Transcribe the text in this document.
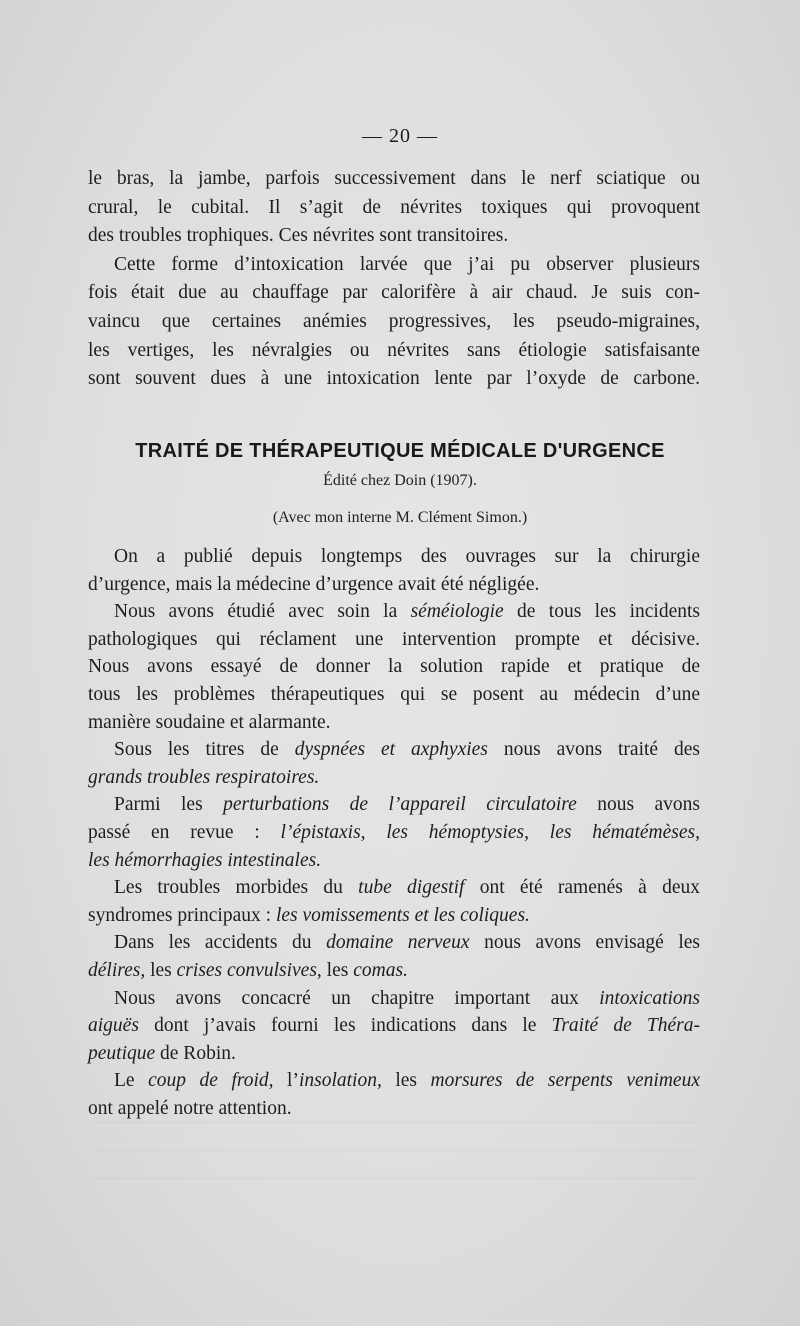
— 20 —
le bras, la jambe, parfois successivement dans le nerf sciatique ou
crural, le cubital. Il s’agit de névrites toxiques qui provoquent
des troubles trophiques. Ces névrites sont transitoires.
Cette forme d’intoxication larvée que j’ai pu observer plusieurs
fois était due au chauffage par calorifère à air chaud. Je suis con-
vaincu que certaines anémies progressives, les pseudo-migraines,
les vertiges, les névralgies ou névrites sans étiologie satisfaisante
sont souvent dues à une intoxication lente par l’oxyde de carbone.
TRAITÉ DE THÉRAPEUTIQUE MÉDICALE D'URGENCE
Édité chez Doin (1907).
(Avec mon interne M. Clément Simon.)
On a publié depuis longtemps des ouvrages sur la chirurgie
d’urgence, mais la médecine d’urgence avait été négligée.
Nous avons étudié avec soin la séméiologie de tous les incidents
pathologiques qui réclament une intervention prompte et décisive.
Nous avons essayé de donner la solution rapide et pratique de
tous les problèmes thérapeutiques qui se posent au médecin d’une
manière soudaine et alarmante.
Sous les titres de dyspnées et axphyxies nous avons traité des
grands troubles respiratoires.
Parmi les perturbations de l’appareil circulatoire nous avons
passé en revue : l’épistaxis, les hémoptysies, les hématémèses,
les hémorrhagies intestinales.
Les troubles morbides du tube digestif ont été ramenés à deux
syndromes principaux : les vomissements et les coliques.
Dans les accidents du domaine nerveux nous avons envisagé les
délires, les crises convulsives, les comas.
Nous avons concacré un chapitre important aux intoxications
aiguës dont j’avais fourni les indications dans le Traité de Théra-
peutique de Robin.
Le coup de froid, l’insolation, les morsures de serpents venimeux
ont appelé notre attention.
